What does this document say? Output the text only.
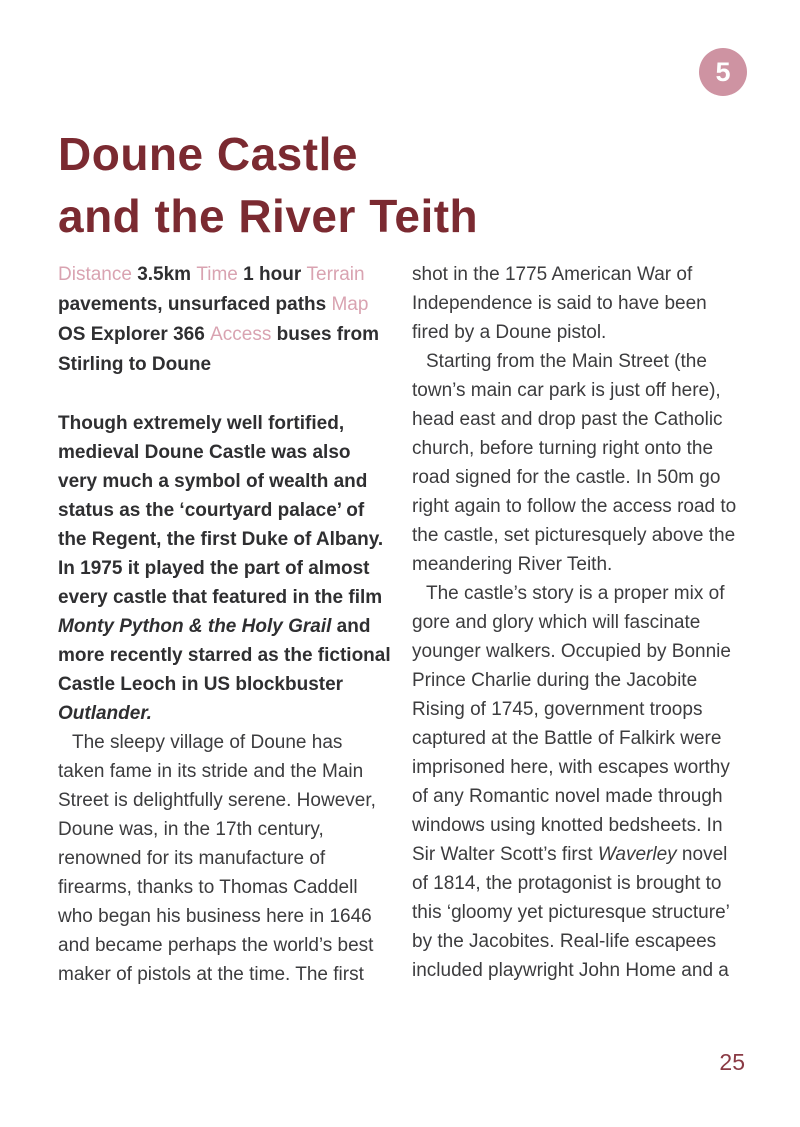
5
Doune Castle
and the River Teith

Distance 3.5km Time 1 hour Terrain pavements, unsurfaced paths Map OS Explorer 366 Access buses from Stirling to Doune

Though extremely well fortified, medieval Doune Castle was also very much a symbol of wealth and status as the ‘courtyard palace’ of the Regent, the first Duke of Albany. In 1975 it played the part of almost every castle that featured in the film Monty Python & the Holy Grail and more recently starred as the fictional Castle Leoch in US blockbuster Outlander.

The sleepy village of Doune has taken fame in its stride and the Main Street is delightfully serene. However, Doune was, in the 17th century, renowned for its manufacture of firearms, thanks to Thomas Caddell who began his business here in 1646 and became perhaps the world’s best maker of pistols at the time. The first

shot in the 1775 American War of Independence is said to have been fired by a Doune pistol.

Starting from the Main Street (the town’s main car park is just off here), head east and drop past the Catholic church, before turning right onto the road signed for the castle. In 50m go right again to follow the access road to the castle, set picturesquely above the meandering River Teith.

The castle’s story is a proper mix of gore and glory which will fascinate younger walkers. Occupied by Bonnie Prince Charlie during the Jacobite Rising of 1745, government troops captured at the Battle of Falkirk were imprisoned here, with escapes worthy of any Romantic novel made through windows using knotted bedsheets. In Sir Walter Scott’s first Waverley novel of 1814, the protagonist is brought to this ‘gloomy yet picturesque structure’ by the Jacobites. Real-life escapees included playwright John Home and a

25
